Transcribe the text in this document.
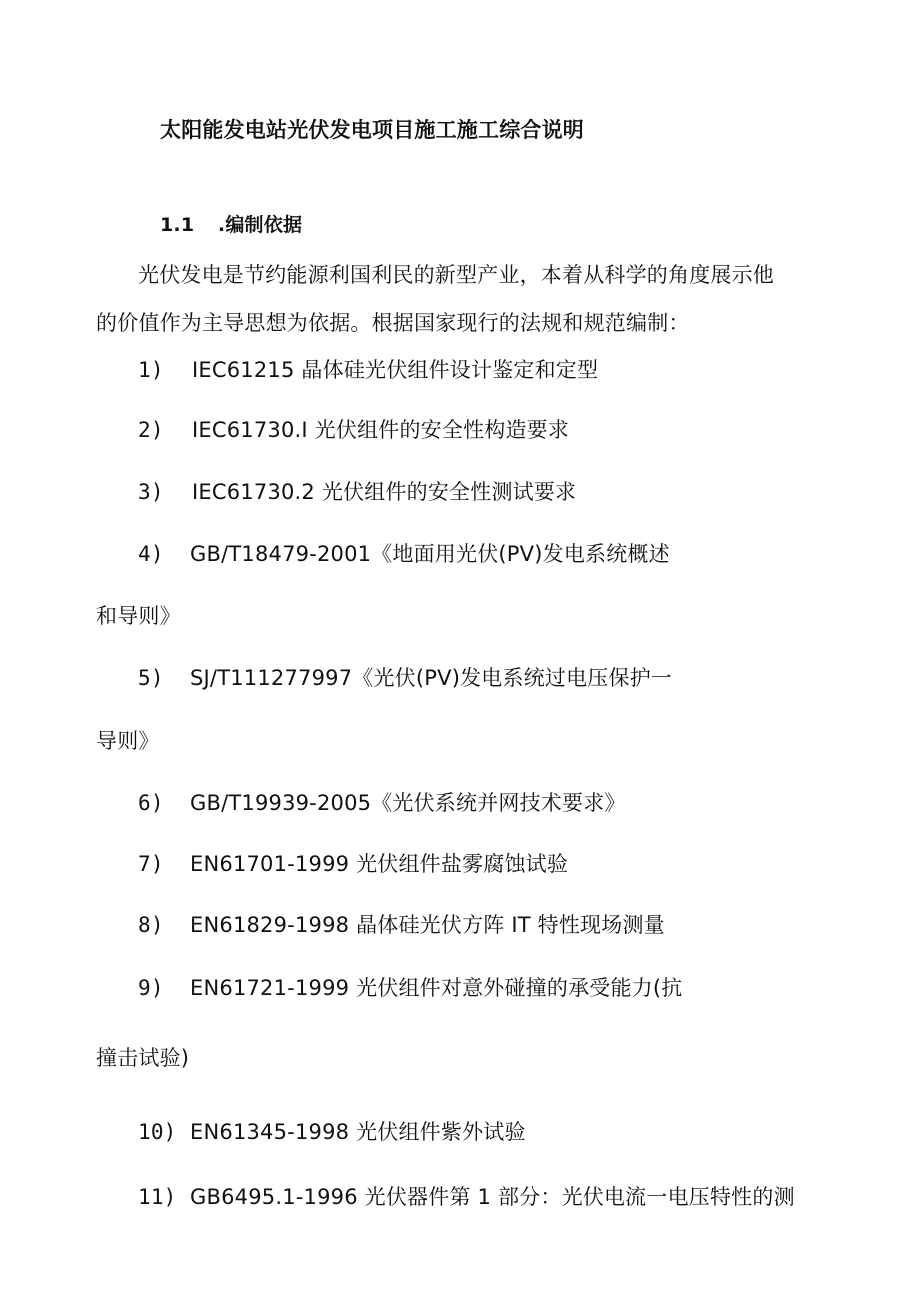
太阳能发电站光伏发电项目施工施工综合说明
1.1 .编制依据
光伏发电是节约能源利国利民的新型产业，本着从科学的角度展示他
的价值作为主导思想为依据。根据国家现行的法规和规范编制：
1) IEC61215 晶体硅光伏组件设计鉴定和定型
2) IEC61730.I 光伏组件的安全性构造要求
3) IEC61730.2 光伏组件的安全性测试要求
4) GB/T18479-2001《地面用光伏(PV)发电系统概述
和导则》
5) SJ/T111277997《光伏(PV)发电系统过电压保护一
导则》
6) GB/T19939-2005《光伏系统并网技术要求》
7) EN61701-1999 光伏组件盐雾腐蚀试验
8) EN61829-1998 晶体硅光伏方阵 IT 特性现场测量
9) EN61721-1999 光伏组件对意外碰撞的承受能力(抗
撞击试验)
10) EN61345-1998 光伏组件紫外试验
11) GB6495.1-1996 光伏器件第 1 部分：光伏电流一电压特性的测
